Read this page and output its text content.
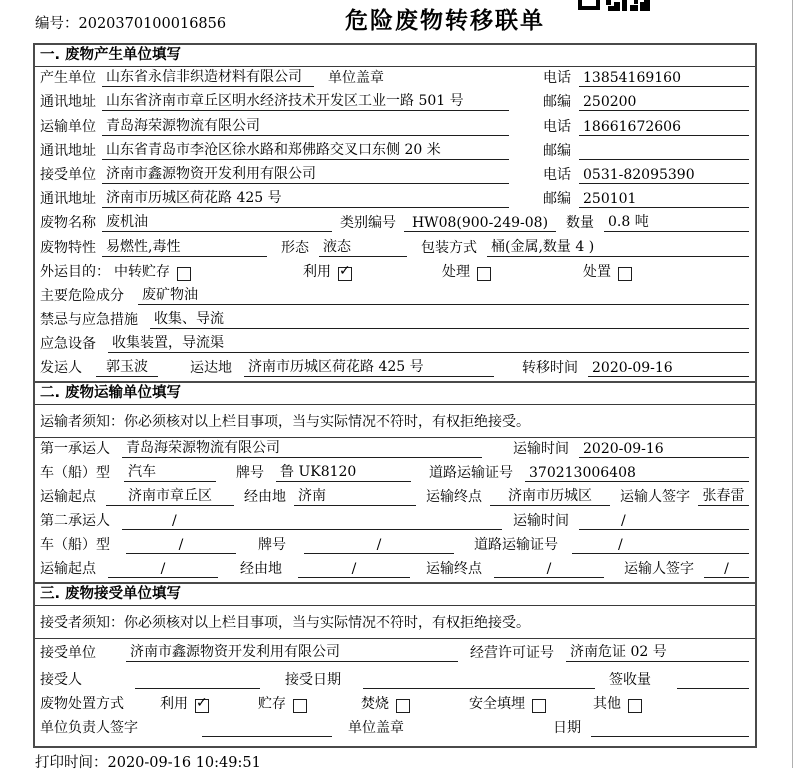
编号：2020370100016856	危险废物转移联单
一. 废物产生单位填写
产生单位 山东省永信非织造材料有限公司	单位盖章	电话 13854169160
通讯地址 山东省济南市章丘区明水经济技术开发区工业一路 501 号	邮编 250200
运输单位 青岛海荣源物流有限公司	电话 18661672606
通讯地址 山东省青岛市李沧区徐水路和郑佛路交叉口东侧 20 米	邮编
接受单位 济南市鑫源物资开发利用有限公司	电话 0531-82095390
通讯地址 济南市历城区荷花路 425 号	邮编 250101
废物名称 废机油	类别编号	HW08(900-249-08)	数量 0.8 吨
废物特性 易燃性,毒性	形态 液态	包装方式 桶(金属,数量 4 )
外运目的： 中转贮存	利用 ✓	处理	处置
主要危险成分 废矿物油
禁忌与应急措施 收集、导流
应急设备 收集装置，导流渠
发运人	郭玉波	运达地 济南市历城区荷花路 425 号	转移时间 2020-09-16
二. 废物运输单位填写
运输者须知：你必须核对以上栏目事项，当与实际情况不符时，有权拒绝接受。
第一承运人 青岛海荣源物流有限公司	运输时间 2020-09-16
车（船）型 汽车	牌号 鲁 UK8120	道路运输证号 370213006408
运输起点	济南市章丘区	经由地 济南	运输终点	济南市历城区	运输人签字 张春雷
第二承运人	/	运输时间	/
车（船）型	/	牌号	/	道路运输证号	/
运输起点	/	经由地	/	运输终点	/	运输人签字	/
三. 废物接受单位填写
接受者须知：你必须核对以上栏目事项，当与实际情况不符时，有权拒绝接受。
接受单位 济南市鑫源物资开发利用有限公司	经营许可证号 济南危证 02 号
接受人	接受日期	签收量
废物处置方式	利用 ✓	贮存	焚烧	安全填埋	其他
单位负责人签字	单位盖章	日期
打印时间：2020-09-16 10:49:51
